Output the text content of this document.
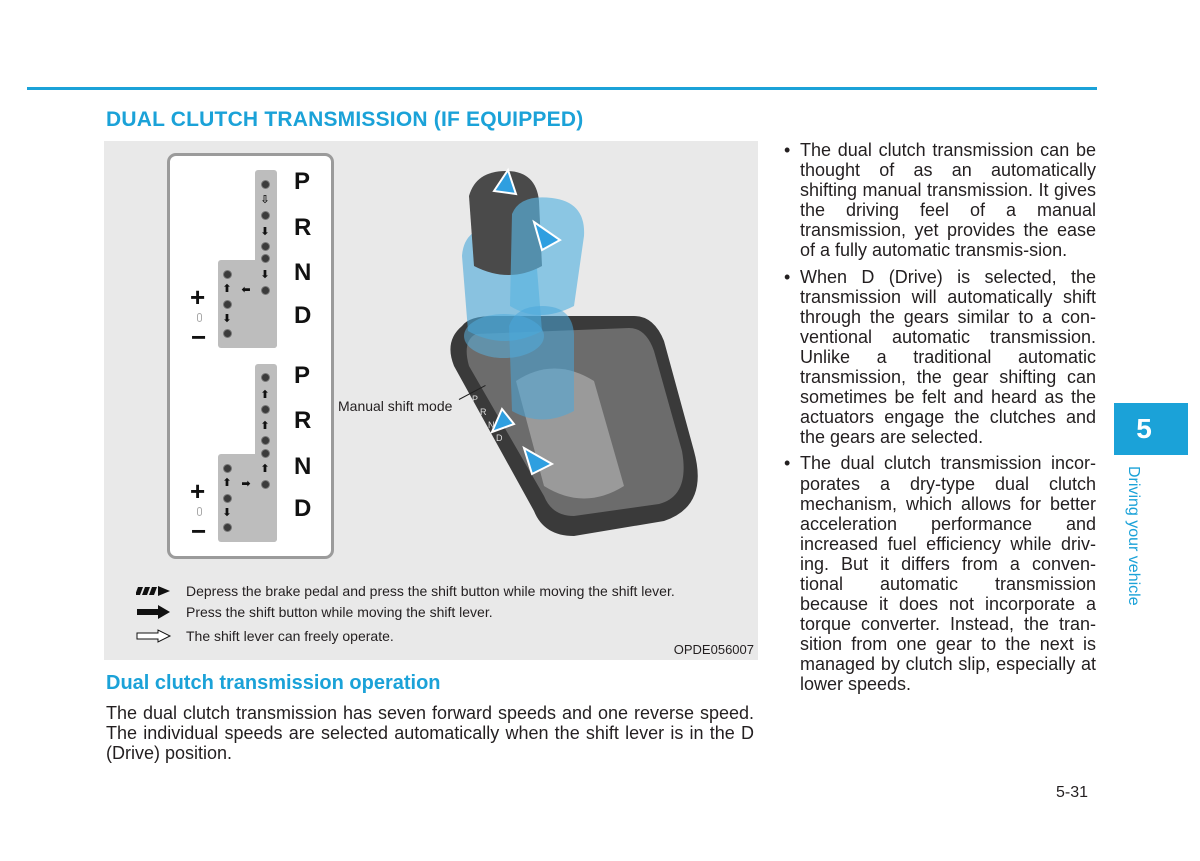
DUAL CLUTCH TRANSMISSION (IF EQUIPPED)
⇩
⬇
⬇
⬅
⬆
⬇
P
R
N
D
+
−
⬆
⬆
⬆
➡
⬆
⬇
P
R
N
D
+
−
P
R
N
D
Manual shift mode
Depress the brake pedal and press the shift button while moving the shift lever.
Press the shift button while moving the shift lever.
The shift lever can freely operate.
OPDE056007
Dual clutch transmission operation

The dual clutch transmission has seven forward speeds and one reverse speed. The individual speeds are selected automatically when the shift lever is in the D (Drive) position.

• The dual clutch transmission can be thought of as an automatically shifting manual transmission. It gives the driving feel of a manual transmission, yet provides the ease of a fully automatic transmis-sion.
• When D (Drive) is selected, the transmission will automatically shift through the gears similar to a con-ventional automatic transmission. Unlike a traditional automatic transmission, the gear shifting can sometimes be felt and heard as the actuators engage the clutches and the gears are selected.
• The dual clutch transmission incor-porates a dry-type dual clutch mechanism, which allows for better acceleration performance and increased fuel efficiency while driv-ing. But it differs from a conven-tional automatic transmission because it does not incorporate a torque converter. Instead, the tran-sition from one gear to the next is managed by clutch slip, especially at lower speeds.
5
Driving your vehicle
5-31
